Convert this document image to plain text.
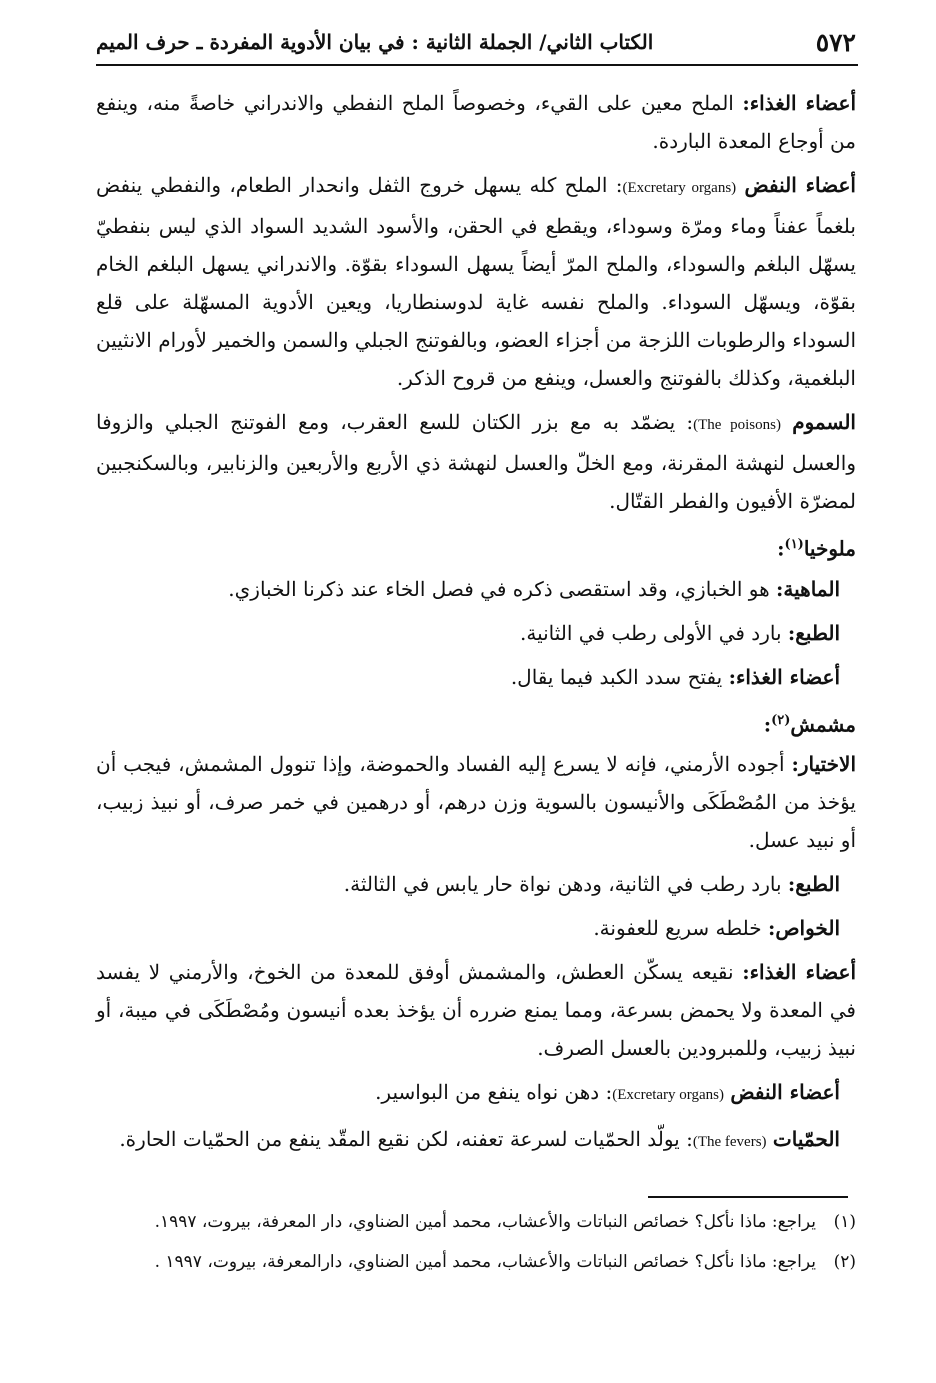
٥٧٢
الكتاب الثاني/ الجملة الثانية : في بيان الأدوية المفردة ـ حرف الميم

أعضاء الغذاء: الملح معين على القيء، وخصوصاً الملح النفطي والاندراني خاصةً منه، وينفع من أوجاع المعدة الباردة.

أعضاء النفض (Excretary organs): الملح كله يسهل خروج الثفل وانحدار الطعام، والنفطي ينفض بلغماً عفناً وماء ومرّة وسوداء، ويقطع في الحقن، والأسود الشديد السواد الذي ليس بنفطيّ يسهّل البلغم والسوداء، والملح المرّ أيضاً يسهل السوداء بقوّة. والاندراني يسهل البلغم الخام بقوّة، ويسهّل السوداء. والملح نفسه غاية لدوسنطاريا، ويعين الأدوية المسهّلة على قلع السوداء والرطوبات اللزجة من أجزاء العضو، وبالفوتنج الجبلي والسمن والخمير لأورام الانثيين البلغمية، وكذلك بالفوتنج والعسل، وينفع من قروح الذكر.

السموم (The poisons): يضمّد به مع بزر الكتان للسع العقرب، ومع الفوتنج الجبلي والزوفا والعسل لنهشة المقرنة، ومع الخلّ والعسل لنهشة ذي الأربع والأربعين والزنابير، وبالسكنجبين لمضرّة الأفيون والفطر القتّال.

ملوخيا$^{(١)}$:

الماهية: هو الخبازي، وقد استقصى ذكره في فصل الخاء عند ذكرنا الخبازي.

الطبع: بارد في الأولى رطب في الثانية.

أعضاء الغذاء: يفتح سدد الكبد فيما يقال.

مشمش$^{(٢)}$:

الاختيار: أجوده الأرمني، فإنه لا يسرع إليه الفساد والحموضة، وإذا تنوول المشمش، فيجب أن يؤخذ من المُصْطَكَى والأنيسون بالسوية وزن درهم، أو درهمين في خمر صرف، أو نبيذ زبيب، أو نبيد عسل.

الطبع: بارد رطب في الثانية، ودهن نواة حار يابس في الثالثة.

الخواص: خلطه سريع للعفونة.

أعضاء الغذاء: نقيعه يسكّن العطش، والمشمش أوفق للمعدة من الخوخ، والأرمني لا يفسد في المعدة ولا يحمض بسرعة، ومما يمنع ضرره أن يؤخذ بعده أنيسون ومُصْطَكَى في ميبة، أو نبيذ زبيب، وللمبرودين بالعسل الصرف.

أعضاء النفض (Excretary organs): دهن نواه ينفع من البواسير.

الحمّيات (The fevers): يولّد الحمّيات لسرعة تعفنه، لكن نقيع المقّد ينفع من الحمّيات الحارة.

(١)
يراجع: ماذا نأكل؟ خصائص النباتات والأعشاب، محمد أمين الضناوي، دار المعرفة، بيروت، ١٩٩٧.

(٢)
يراجع: ماذا نأكل؟ خصائص النباتات والأعشاب، محمد أمين الضناوي، دارالمعرفة، بيروت، ١٩٩٧ .
